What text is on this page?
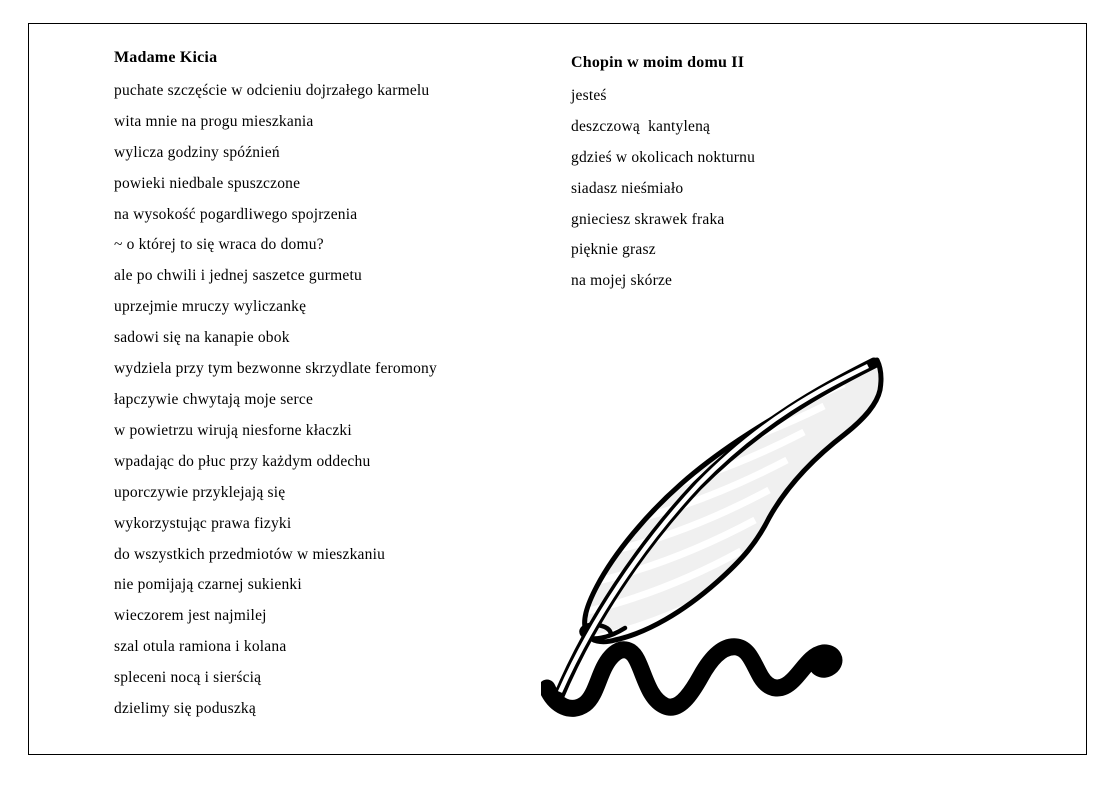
Madame Kicia

puchate szczęście w odcieniu dojrzałego karmelu

wita mnie na progu mieszkania

wylicza godziny spóźnień

powieki niedbale spuszczone

na wysokość pogardliwego spojrzenia

~ o której to się wraca do domu?

ale po chwili i jednej saszetce gurmetu

uprzejmie mruczy wyliczankę

sadowi się na kanapie obok

wydziela przy tym bezwonne skrzydlate feromony

łapczywie chwytają moje serce

w powietrzu wirują niesforne kłaczki

wpadając do płuc przy każdym oddechu

uporczywie przyklejają się

wykorzystując prawa fizyki

do wszystkich przedmiotów w mieszkaniu

nie pomijają czarnej sukienki

wieczorem jest najmilej

szal otula ramiona i kolana

spleceni nocą i sierścią

dzielimy się poduszką

Chopin w moim domu II

jesteś

deszczową  kantyleną

gdzieś w okolicach nokturnu

siadasz nieśmiało

gnieciesz skrawek fraka

pięknie grasz

na mojej skórze
